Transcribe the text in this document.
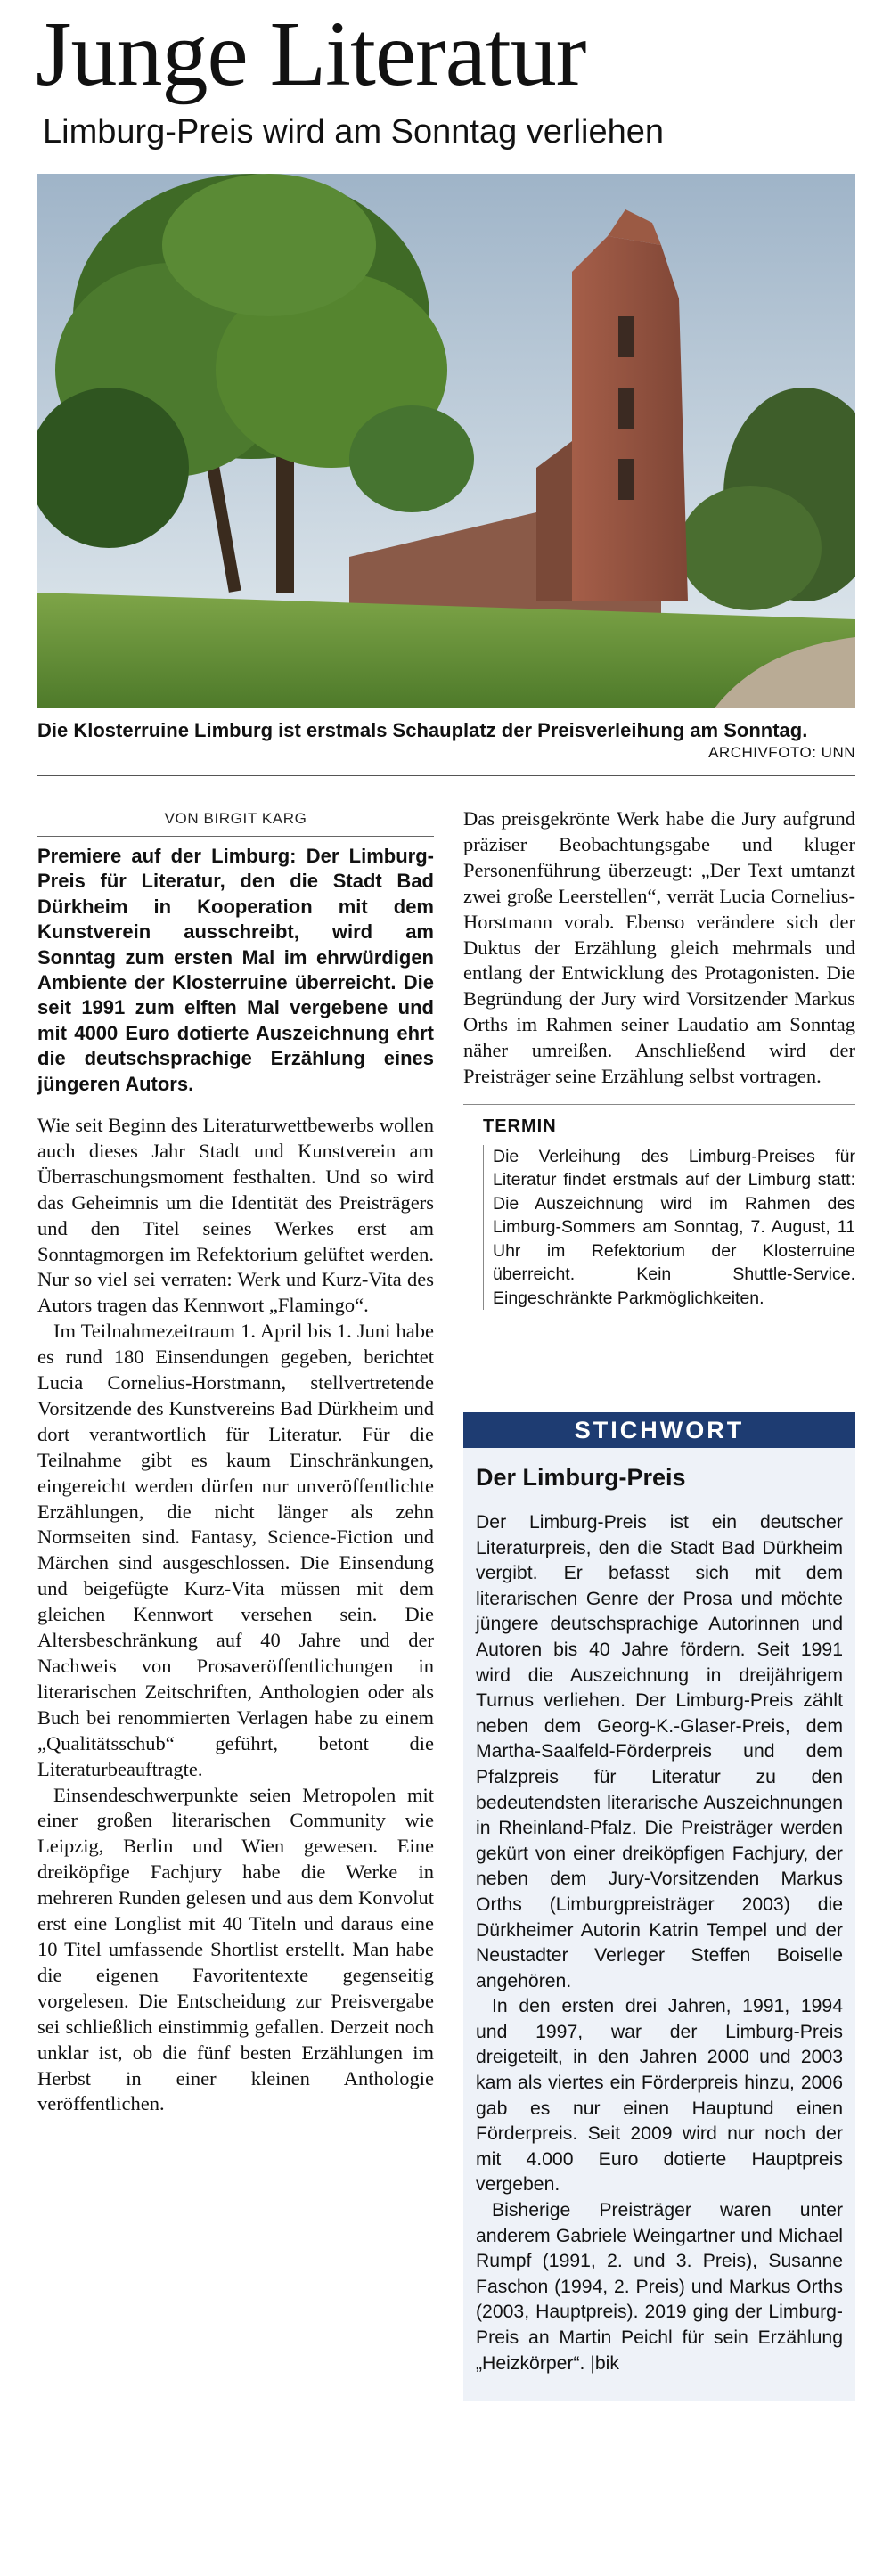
Junge Literatur
Limburg-Preis wird am Sonntag verliehen
Die Klosterruine Limburg ist erstmals Schauplatz der Preisverleihung am Sonntag.
ARCHIVFOTO: UNN
VON BIRGIT KARG
Premiere auf der Limburg: Der Limburg-Preis für Literatur, den die Stadt Bad Dürkheim in Kooperation mit dem Kunstverein ausschreibt, wird am Sonntag zum ersten Mal im ehrwürdigen Ambiente der Klosterruine überreicht. Die seit 1991 zum elften Mal vergebene und mit 4000 Euro dotierte Auszeichnung ehrt die deutschsprachige Erzählung eines jüngeren Autors.

Wie seit Beginn des Literaturwettbewerbs wollen auch dieses Jahr Stadt und Kunstverein am Überraschungsmoment festhalten. Und so wird das Geheimnis um die Identität des Preisträgers und den Titel seines Werkes erst am Sonntagmorgen im Refektorium gelüftet werden. Nur so viel sei verraten: Werk und Kurz-Vita des Autors tragen das Kennwort „Flamingo“.

Im Teilnahmezeitraum 1. April bis 1. Juni habe es rund 180 Einsendungen gegeben, berichtet Lucia Cornelius-Horstmann, stellvertretende Vorsitzende des Kunstvereins Bad Dürkheim und dort verantwortlich für Literatur. Für die Teilnahme gibt es kaum Einschränkungen, eingereicht werden dürfen nur unveröffentlichte Erzählungen, die nicht länger als zehn Normseiten sind. Fantasy, Science-Fiction und Märchen sind ausgeschlossen. Die Einsendung und beigefügte Kurz-Vita müssen mit dem gleichen Kennwort versehen sein. Die Altersbeschränkung auf 40 Jahre und der Nachweis von Prosaveröffentlichungen in literarischen Zeitschriften, Anthologien oder als Buch bei renommierten Verlagen habe zu einem „Qualitätsschub“ geführt, betont die Literaturbeauftragte.

Einsendeschwerpunkte seien Metropolen mit einer großen literarischen Community wie Leipzig, Berlin und Wien gewesen. Eine dreiköpfige Fachjury habe die Werke in mehreren Runden gelesen und aus dem Konvolut erst eine Longlist mit 40 Titeln und daraus eine 10 Titel umfassende Shortlist erstellt. Man habe die eigenen Favoritentexte gegenseitig vorgelesen. Die Entscheidung zur Preisvergabe sei schließlich einstimmig gefallen. Derzeit noch unklar ist, ob die fünf besten Erzählungen im Herbst in einer kleinen Anthologie veröffentlichen.

Das preisgekrönte Werk habe die Jury aufgrund präziser Beobachtungsgabe und kluger Personenführung überzeugt: „Der Text umtanzt zwei große Leerstellen“, verrät Lucia Cornelius-Horstmann vorab. Ebenso verändere sich der Duktus der Erzählung gleich mehrmals und entlang der Entwicklung des Protagonisten. Die Begründung der Jury wird Vorsitzender Markus Orths im Rahmen seiner Laudatio am Sonntag näher umreißen. Anschließend wird der Preisträger seine Erzählung selbst vortragen.

TERMIN
Die Verleihung des Limburg-Preises für Literatur findet erstmals auf der Limburg statt: Die Auszeichnung wird im Rahmen des Limburg-Sommers am Sonntag, 7. August, 11 Uhr im Refektorium der Klosterruine überreicht. Kein Shuttle-Service. Eingeschränkte Parkmöglichkeiten.
STICHWORT
Der Limburg-Preis

Der Limburg-Preis ist ein deutscher Literaturpreis, den die Stadt Bad Dürkheim vergibt. Er befasst sich mit dem literarischen Genre der Prosa und möchte jüngere deutschsprachige Autorinnen und Autoren bis 40 Jahre fördern. Seit 1991 wird die Auszeichnung in dreijährigem Turnus verliehen. Der Limburg-Preis zählt neben dem Georg-K.-Glaser-Preis, dem Martha-Saalfeld-Förderpreis und dem Pfalzpreis für Literatur zu den bedeutendsten literarische Auszeichnungen in Rheinland-Pfalz. Die Preisträger werden gekürt von einer dreiköpfigen Fachjury, der neben dem Jury-Vorsitzenden Markus Orths (Limburgpreisträger 2003) die Dürkheimer Autorin Katrin Tempel und der Neustadter Verleger Steffen Boiselle angehören.

In den ersten drei Jahren, 1991, 1994 und 1997, war der Limburg-Preis dreigeteilt, in den Jahren 2000 und 2003 kam als viertes ein Förderpreis hinzu, 2006 gab es nur einen Hauptund einen Förderpreis. Seit 2009 wird nur noch der mit 4.000 Euro dotierte Hauptpreis vergeben.

Bisherige Preisträger waren unter anderem Gabriele Weingartner und Michael Rumpf (1991, 2. und 3. Preis), Susanne Faschon (1994, 2. Preis) und Markus Orths (2003, Hauptpreis). 2019 ging der Limburg-Preis an Martin Peichl für sein Erzählung „Heizkörper“. |bik
